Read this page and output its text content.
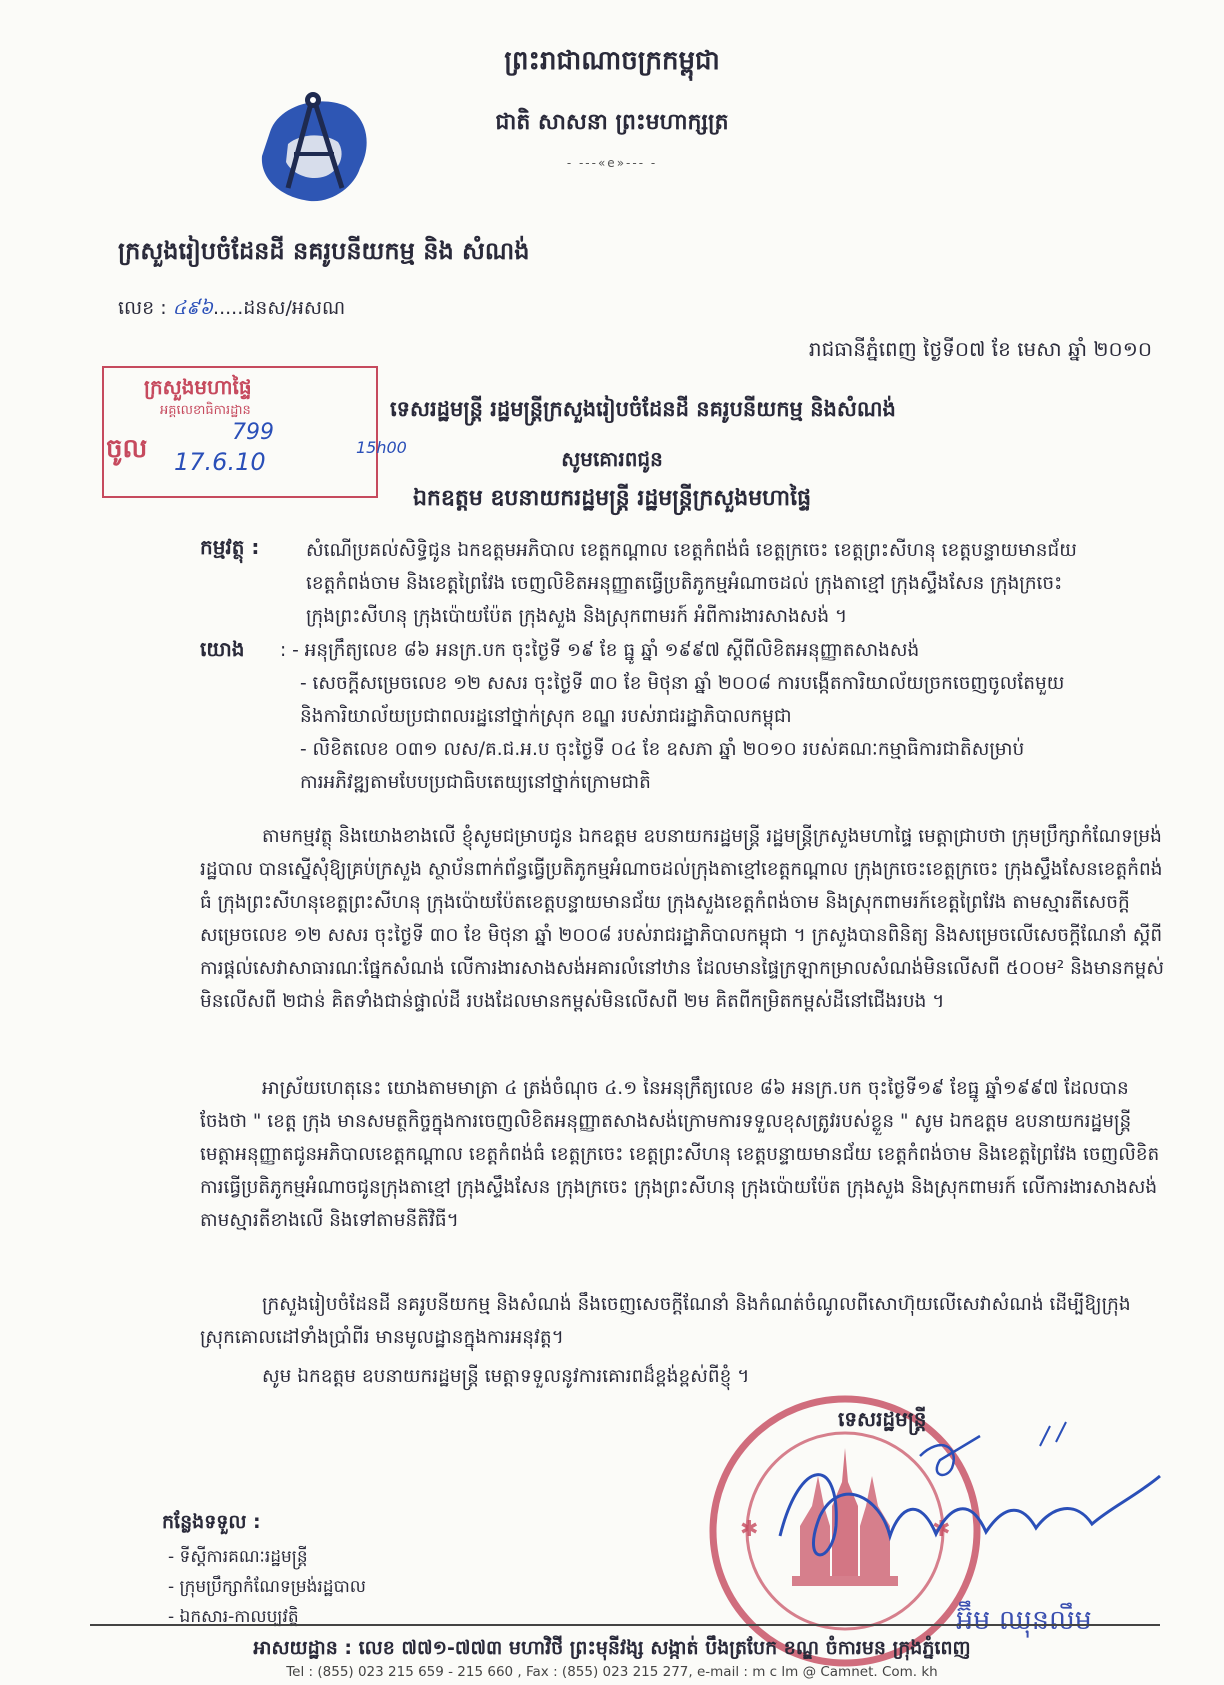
ព្រះរាជាណាចក្រកម្ពុជា
ជាតិ សាសនា ព្រះមហាក្សត្រ
- ---«e»--- -
ក្រសួងរៀបចំដែនដី នគរូបនីយកម្ម និង សំណង់
លេខ : ៤៩៦.....ដនស/អសណ
រាជធានីភ្នំពេញ ថ្ងៃទី០៧ ខែ មេសា ឆ្នាំ ២០១០
ក្រសួងមហាផ្ទៃ
អគ្គលេខាធិការដ្ឋាន
ចូល
799
17.6.10
15h00
ទេសរដ្ឋមន្ត្រី រដ្ឋមន្ត្រីក្រសួងរៀបចំដែនដី នគរូបនីយកម្ម និងសំណង់
សូមគោរពជូន
ឯកឧត្តម ឧបនាយករដ្ឋមន្ត្រី រដ្ឋមន្ត្រីក្រសួងមហាផ្ទៃ
កម្មវត្ថុ :	សំណើប្រគល់សិទ្ធិជូន ឯកឧត្តមអភិបាល ខេត្តកណ្តាល ខេត្តកំពង់ធំ ខេត្តក្រចេះ ខេត្តព្រះសីហនុ ខេត្តបន្ទាយមានជ័យ
ខេត្តកំពង់ចាម និងខេត្តព្រៃវែង ចេញលិខិតអនុញ្ញាតធ្វើប្រតិភូកម្មអំណាចដល់ ក្រុងតាខ្មៅ ក្រុងស្ទឹងសែន ក្រុងក្រចេះ
ក្រុងព្រះសីហនុ ក្រុងប៉ោយប៉ែត ក្រុងសួង និងស្រុកពាមរក៍ អំពីការងារសាងសង់ ។
យោង : - អនុក្រឹត្យលេខ ៨៦ អនក្រ.បក ចុះថ្ងៃទី ១៩ ខែ ធ្នូ ឆ្នាំ ១៩៩៧ ស្តីពីលិខិតអនុញ្ញាតសាងសង់
- សេចក្តីសម្រេចលេខ ១២ សសរ ចុះថ្ងៃទី ៣០ ខែ មិថុនា ឆ្នាំ ២០០៨ ការបង្កើតការិយាល័យច្រកចេញចូលតែមួយ
និងការិយាល័យប្រជាពលរដ្ឋនៅថ្នាក់ស្រុក ខណ្ឌ របស់រាជរដ្ឋាភិបាលកម្ពុជា
- លិខិតលេខ ០៣១ លស/គ.ជ.អ.ប ចុះថ្ងៃទី ០៤ ខែ ឧសភា ឆ្នាំ ២០១០ របស់គណៈកម្មាធិការជាតិសម្រាប់
ការអភិវឌ្ឍតាមបែបប្រជាធិបតេយ្យនៅថ្នាក់ក្រោមជាតិ
តាមកម្មវត្ថុ និងយោងខាងលើ ខ្ញុំសូមជម្រាបជូន ឯកឧត្តម ឧបនាយករដ្ឋមន្ត្រី រដ្ឋមន្ត្រីក្រសួងមហាផ្ទៃ មេត្តាជ្រាបថា ក្រុមប្រឹក្សាកំណែទម្រង់រដ្ឋបាល បានស្នើសុំឱ្យគ្រប់ក្រសួង ស្ថាប័នពាក់ព័ន្ធធ្វើប្រតិភូកម្មអំណាចដល់ក្រុងតាខ្មៅខេត្តកណ្តាល ក្រុងក្រចេះខេត្តក្រចេះ ក្រុងស្ទឹងសែនខេត្តកំពង់ធំ ក្រុងព្រះសីហនុខេត្តព្រះសីហនុ ក្រុងប៉ោយប៉ែតខេត្តបន្ទាយមានជ័យ ក្រុងសួងខេត្តកំពង់ចាម និងស្រុកពាមរក៍ខេត្តព្រៃវែង តាមស្មារតីសេចក្តីសម្រេចលេខ ១២ សសរ ចុះថ្ងៃទី ៣០ ខែ មិថុនា ឆ្នាំ ២០០៨ របស់រាជរដ្ឋាភិបាលកម្ពុជា ។ ក្រសួងបានពិនិត្យ និងសម្រេចលើសេចក្តីណែនាំ ស្តីពីការផ្តល់សេវាសាធារណៈផ្នែកសំណង់ លើការងារសាងសង់អគារលំនៅឋាន ដែលមានផ្ទៃក្រឡាកម្រាលសំណង់មិនលើសពី ៥០០ម² និងមានកម្ពស់មិនលើសពី ២ជាន់ គិតទាំងជាន់ផ្ទាល់ដី របងដែលមានកម្ពស់មិនលើសពី ២ម គិតពីកម្រិតកម្ពស់ដីនៅជើងរបង ។
អាស្រ័យហេតុនេះ យោងតាមមាត្រា ៤ ត្រង់ចំណុច ៤.១ នៃអនុក្រឹត្យលេខ ៨៦ អនក្រ.បក ចុះថ្ងៃទី១៩ ខែធ្នូ ឆ្នាំ១៩៩៧ ដែលបានចែងថា " ខេត្ត ក្រុង មានសមត្ថកិច្ចក្នុងការចេញលិខិតអនុញ្ញាតសាងសង់ក្រោមការទទួលខុសត្រូវរបស់ខ្លួន " សូម ឯកឧត្តម ឧបនាយករដ្ឋមន្ត្រី មេត្តាអនុញ្ញាតជូនអភិបាលខេត្តកណ្តាល ខេត្តកំពង់ធំ ខេត្តក្រចេះ ខេត្តព្រះសីហនុ ខេត្តបន្ទាយមានជ័យ ខេត្តកំពង់ចាម និងខេត្តព្រៃវែង ចេញលិខិតការធ្វើប្រតិភូកម្មអំណាចជូនក្រុងតាខ្មៅ ក្រុងស្ទឹងសែន ក្រុងក្រចេះ ក្រុងព្រះសីហនុ ក្រុងប៉ោយប៉ែត ក្រុងសួង និងស្រុកពាមរក៍ លើការងារសាងសង់តាមស្មារតីខាងលើ និងទៅតាមនីតិវិធី។
ក្រសួងរៀបចំដែនដី នគរូបនីយកម្ម និងសំណង់ នឹងចេញសេចក្តីណែនាំ និងកំណត់ចំណូលពីសោហ៊ុយលើសេវាសំណង់ ដើម្បីឱ្យក្រុង ស្រុកគោលដៅទាំងប្រាំពីរ មានមូលដ្ឋានក្នុងការអនុវត្ត។
សូម ឯកឧត្តម ឧបនាយករដ្ឋមន្ត្រី មេត្តាទទួលនូវការគោរពដ៏ខ្ពង់ខ្ពស់ពីខ្ញុំ ។
កន្លែងទទួល :
- ទីស្តីការគណៈរដ្ឋមន្ត្រី
- ក្រុមប្រឹក្សាកំណែទម្រង់រដ្ឋបាល
- ឯកសារ-កាលប្បវត្តិ
✱	✱
ទេសរដ្ឋមន្ត្រី
អ៊ឹម ឈុនលឹម
អាសយដ្ឋាន : លេខ ៧៧១-៧៧៣ មហាវិថី ព្រះមុនីវង្ស សង្កាត់ បឹងត្របែក ខណ្ឌ ចំការមន ក្រុងភ្នំពេញ
Tel : (855) 023 215 659 - 215 660 , Fax : (855) 023 215 277, e-mail : m c lm @ Camnet. Com. kh
